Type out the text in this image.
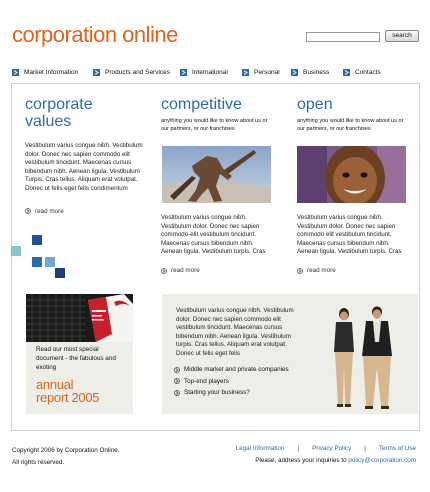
corporation online	search
Market Information	Products and Services	International	Personal	Business	Contacts
corporate
values
Vestibulum varius congue nibh. Vestibulum dolor. Donec nec sapien commodo elit vestibulum tincidunt. Maecenas cursus bibendum nibh. Aenean ligula. Vestibulum Turpis. Cras tellus. Aliquam erat volutpat. Donec ut felis eget felis condimentum
read more
competitive
anything you would like to know about us or our partners, or our franchises
Vestibulum varius congue nibh. Vestibulum dolor. Donec nec sapien commodo-elit vestibulum tincidunt. Maecenas cursus bibendum nibh. Aenean ligula. Vestibulum turpis. Cras
read more
open
anything you would like to know about us or our partners, or our franchises
Vestibulum varius congue nibh. Vestibulum dolor. Donec nec sapien commodo elit vestibulum tincidunt. Maecenas cursus bibendum nibh. Aenean ligula. Vestibulum turpis. Cras
read more
Read our most special document - the fabulous and exoting
annual
report 2005
Vestibulum varius congue nibh. Vestibulum dolor. Donec nec sapien commodo elit vestibulum tincidunt. Maecenas cursus bibendum nibh. Aenean ligula. Vestibulum turpis. Cras tellus. Aliquam erat volutpat. Donec ut felis eget felis
Middle market and private companies
Top-end players
Starting your business?
Copyright 2006 by Corporation Online.
All rights reserved.
Legal Information | Privacy Policy | Terms of Use
Please, address your inquiries to policy@corporation.com
